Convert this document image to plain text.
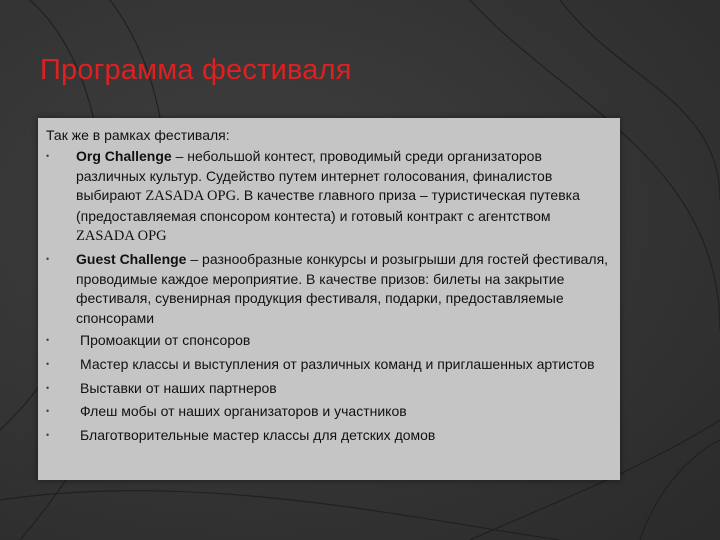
Программа фестиваля

Так же в рамках фестиваля:

• Org Challenge – небольшой контест, проводимый среди организаторов различных культур. Судейство путем интернет голосования, финалистов выбирают ZASADA OPG. В качестве главного приза – туристическая путевка (предоставляемая спонсором контеста) и готовый контракт с агентством ZASADA OPG
• Guest Challenge – разнообразные конкурсы и розыгрыши для гостей фестиваля, проводимые каждое мероприятие. В качестве призов: билеты на закрытие фестиваля, сувенирная продукция фестиваля, подарки, предоставляемые спонсорами
• Промоакции от спонсоров
• Мастер классы и выступления от различных команд и приглашенных артистов
• Выставки от наших партнеров
• Флеш мобы от наших организаторов и участников
• Благотворительные мастер классы для детских домов
